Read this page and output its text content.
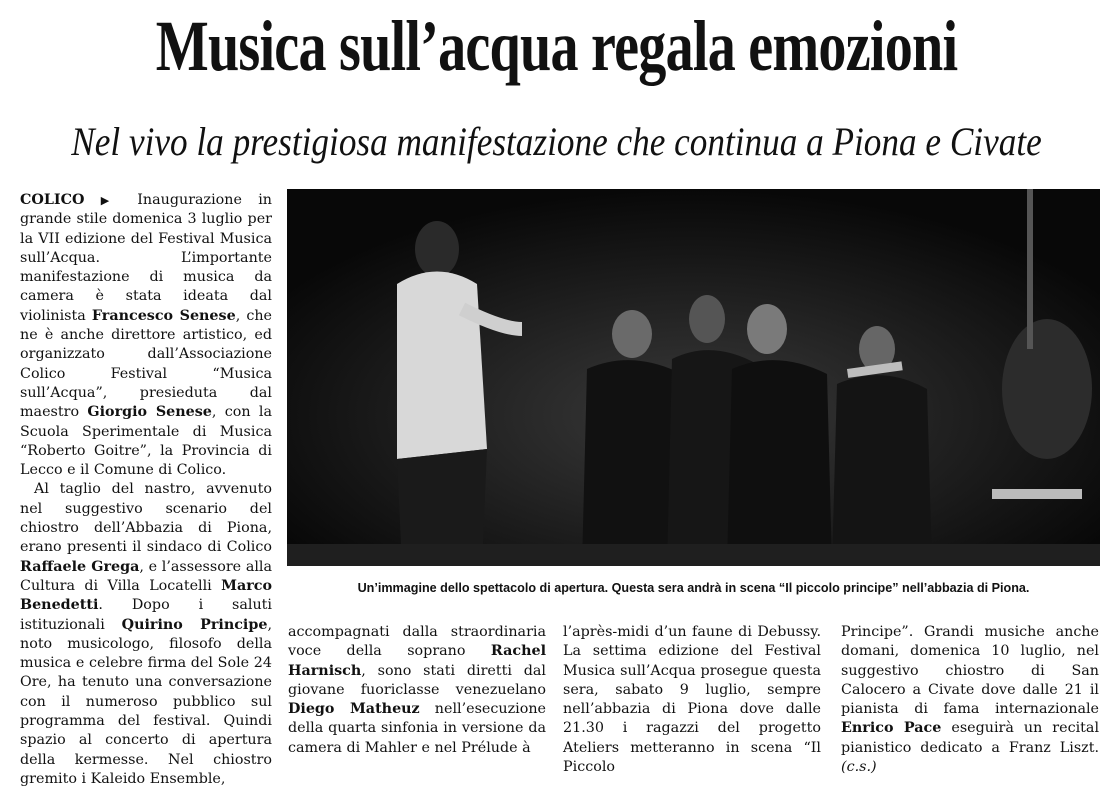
Musica sull’acqua regala emozioni
Nel vivo la prestigiosa manifestazione che continua a Piona e Civate

COLICO ▶ Inaugurazione in grande stile domenica 3 luglio per la VII edizione del Festival Musica sull’Acqua. L’importante manifestazione di musica da camera è stata ideata dal violinista Francesco Senese, che ne è anche direttore artistico, ed organizzato dall’Associazione Colico Festival “Musica sull’Acqua”, presieduta dal maestro Giorgio Senese, con la Scuola Sperimentale di Musica “Roberto Goitre”, la Provincia di Lecco e il Comune di Colico.

Al taglio del nastro, avvenuto nel suggestivo scenario del chiostro dell’Abbazia di Piona, erano presenti il sindaco di Colico Raffaele Grega, e l’assessore alla Cultura di Villa Locatelli Marco Benedetti. Dopo i saluti istituzionali Quirino Principe, noto musicologo, filosofo della musica e celebre firma del Sole 24 Ore, ha tenuto una conversazione con il numeroso pubblico sul programma del festival. Quindi spazio al concerto di apertura della kermesse. Nel chiostro gremito i Kaleido Ensemble,

Un’immagine dello spettacolo di apertura. Questa sera andrà in scena “Il piccolo principe” nell’abbazia di Piona.

accompagnati dalla straordinaria voce della soprano Rachel Harnisch, sono stati diretti dal giovane fuoriclasse venezuelano Diego Matheuz nell’esecuzione della quarta sinfonia in versione da camera di Mahler e nel Prélude à

l’après-midi d’un faune di Debussy. La settima edizione del Festival Musica sull’Acqua prosegue questa sera, sabato 9 luglio, sempre nell’abbazia di Piona dove dalle 21.30 i ragazzi del progetto Ateliers metteranno in scena “Il Piccolo

Principe”. Grandi musiche anche domani, domenica 10 luglio, nel suggestivo chiostro di San Calocero a Civate dove dalle 21 il pianista di fama internazionale Enrico Pace eseguirà un recital pianistico dedicato a Franz Liszt. (c.s.)
